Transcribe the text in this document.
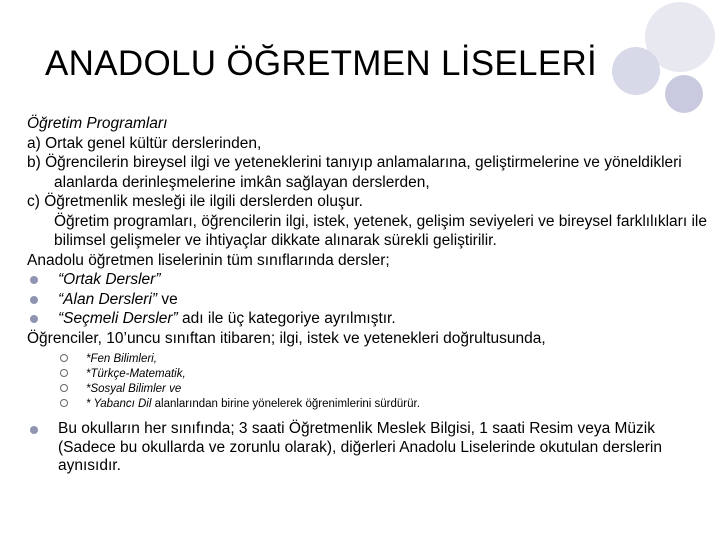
ANADOLU ÖĞRETMEN LİSELERİ

Öğretim Programları

a) Ortak genel kültür derslerinden,

b) Öğrencilerin bireysel ilgi ve yeteneklerini tanıyıp anlamalarına, geliştirmelerine ve yöneldikleri alanlarda derinleşmelerine imkân sağlayan derslerden,

c) Öğretmenlik mesleği ile ilgili derslerden oluşur.

Öğretim programları, öğrencilerin ilgi, istek, yetenek, gelişim seviyeleri ve bireysel farklılıkları ile bilimsel gelişmeler ve ihtiyaçlar dikkate alınarak sürekli geliştirilir.

Anadolu öğretmen liselerinin tüm sınıflarında dersler;

“Ortak Dersler”

“Alan Dersleri” ve

“Seçmeli Dersler” adı ile üç kategoriye ayrılmıştır.

Öğrenciler, 10’uncu sınıftan itibaren; ilgi, istek ve yetenekleri doğrultusunda,

*Fen Bilimleri,

*Türkçe-Matematik,

*Sosyal Bilimler ve

* Yabancı Dil alanlarından birine yönelerek öğrenimlerini sürdürür.

Bu okulların her sınıfında; 3 saati Öğretmenlik Meslek Bilgisi, 1 saati Resim veya Müzik (Sadece bu okullarda ve zorunlu olarak), diğerleri Anadolu Liselerinde okutulan derslerin aynısıdır.
